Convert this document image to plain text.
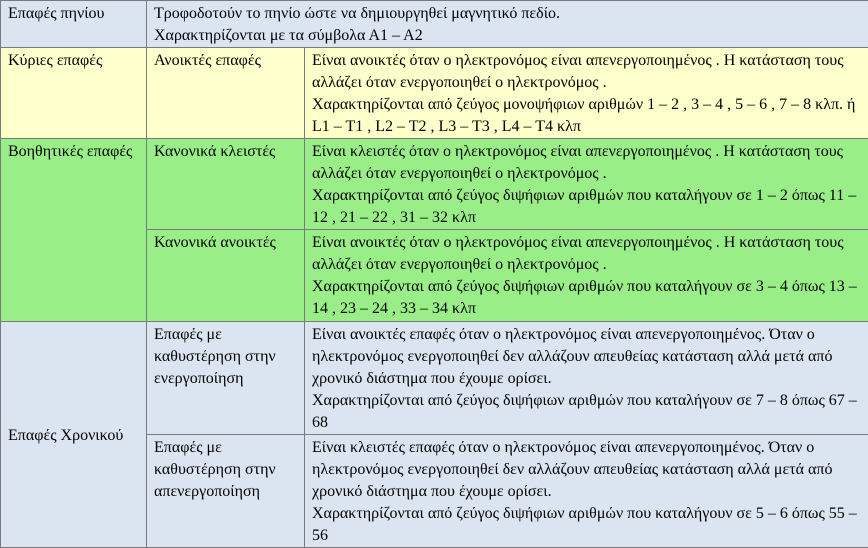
Επαφές πηνίου	Τροφοδοτούν το πηνίο ώστε να δημιουργηθεί μαγνητικό πεδίο.
Χαρακτηρίζονται με τα σύμβολα Α1 – Α2	
Κύριες επαφές	Ανοικτές επαφές	Είναι ανοικτές όταν ο ηλεκτρονόμος είναι απενεργοποιημένος . Η κατάσταση τους αλλάζει όταν ενεργοποιηθεί ο ηλεκτρονόμος .
Χαρακτηρίζονται από ζεύγος μονοψήφιων αριθμών 1 – 2 , 3 – 4 , 5 – 6 , 7 – 8 κλπ. ή L1 – T1 , L2 – T2 , L3 – T3 , L4 – T4 κλπ
Βοηθητικές επαφές	Κανονικά κλειστές	Είναι κλειστές όταν ο ηλεκτρονόμος είναι απενεργοποιημένος . Η κατάσταση τους αλλάζει όταν ενεργοποιηθεί ο ηλεκτρονόμος .
Χαρακτηρίζονται από ζεύγος διψήφιων αριθμών που καταλήγουν σε 1 – 2 όπως 11 – 12 , 21 – 22 , 31 – 32 κλπ
	Κανονικά ανοικτές	Είναι ανοικτές όταν ο ηλεκτρονόμος είναι απενεργοποιημένος . Η κατάσταση τους αλλάζει όταν ενεργοποιηθεί ο ηλεκτρονόμος .
Χαρακτηρίζονται από ζεύγος διψήφιων αριθμών που καταλήγουν σε 3 – 4 όπως 13 – 14 , 23 – 24 , 33 – 34 κλπ
Επαφές Χρονικού	Επαφές με καθυστέρηση στην ενεργοποίηση	Είναι ανοικτές επαφές όταν ο ηλεκτρονόμος είναι απενεργοποιημένος. Όταν ο ηλεκτρονόμος ενεργοποιηθεί δεν αλλάζουν απευθείας κατάσταση αλλά μετά από χρονικό διάστημα που έχουμε ορίσει.
Χαρακτηρίζονται από ζεύγος διψήφιων αριθμών που καταλήγουν σε 7 – 8 όπως 67 – 68
	Επαφές με καθυστέρηση στην απενεργοποίηση	Είναι κλειστές επαφές όταν ο ηλεκτρονόμος είναι απενεργοποιημένος. Όταν ο ηλεκτρονόμος ενεργοποιηθεί δεν αλλάζουν απευθείας κατάσταση αλλά μετά από χρονικό διάστημα που έχουμε ορίσει.
Χαρακτηρίζονται από ζεύγος διψήφιων αριθμών που καταλήγουν σε 5 – 6 όπως 55 – 56
